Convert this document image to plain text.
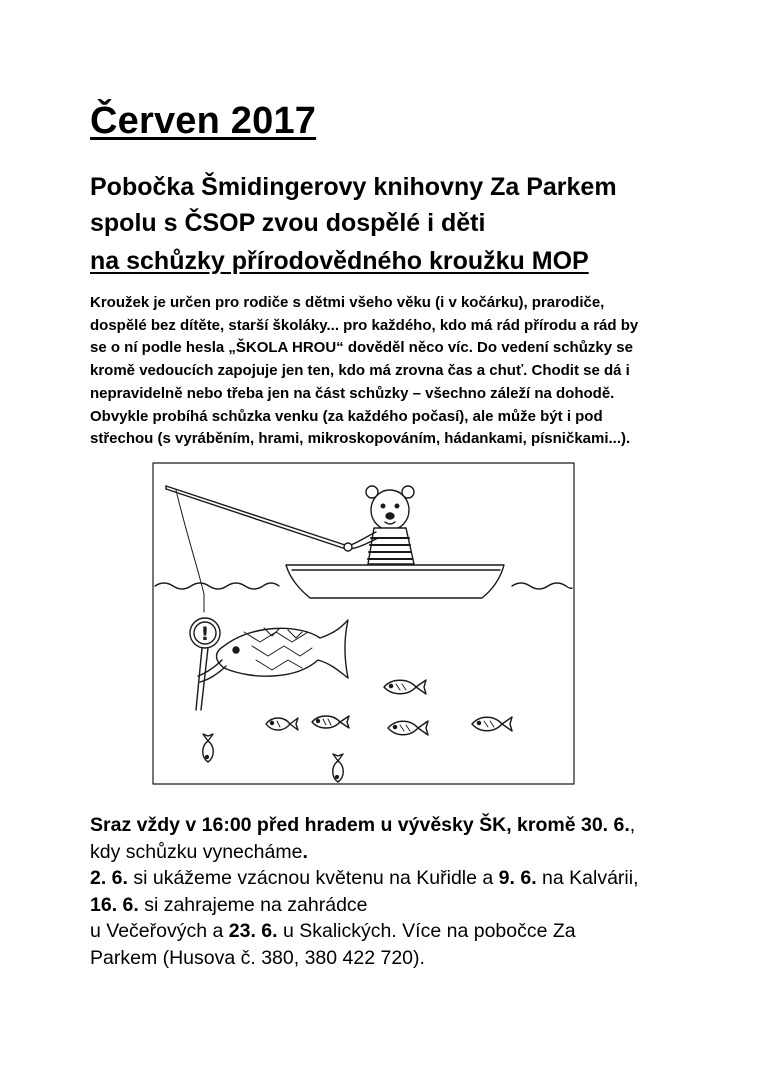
Červen 2017
Pobočka Šmidingerovy knihovny Za Parkem
spolu s ČSOP zvou dospělé i děti
na schůzky přírodovědného kroužku MOP
Kroužek je určen pro rodiče s dětmi všeho věku (i v kočárku), prarodiče,
dospělé bez dítěte, starší školáky... pro každého, kdo má rád přírodu a rád by
se o ní podle hesla „ŠKOLA HROU“ dověděl něco víc. Do vedení schůzky se
kromě vedoucích zapojuje jen ten, kdo má zrovna čas a chuť. Chodit se dá i
nepravidelně nebo třeba jen na část schůzky – všechno záleží na dohodě.
Obvykle probíhá schůzka venku (za každého počasí), ale může být i pod
střechou (s vyráběním, hrami, mikroskopováním, hádankami, písničkami...).
!
Sraz vždy v 16:00 před hradem u vývěsky ŠK, kromě 30. 6.,
kdy schůzku vynecháme.
2. 6. si ukážeme vzácnou květenu na Kuřidle a 9. 6. na Kalvárii,
16. 6. si zahrajeme na zahrádce
u Večeřových a 23. 6. u Skalických. Více na pobočce Za
Parkem (Husova č. 380, 380 422 720).
